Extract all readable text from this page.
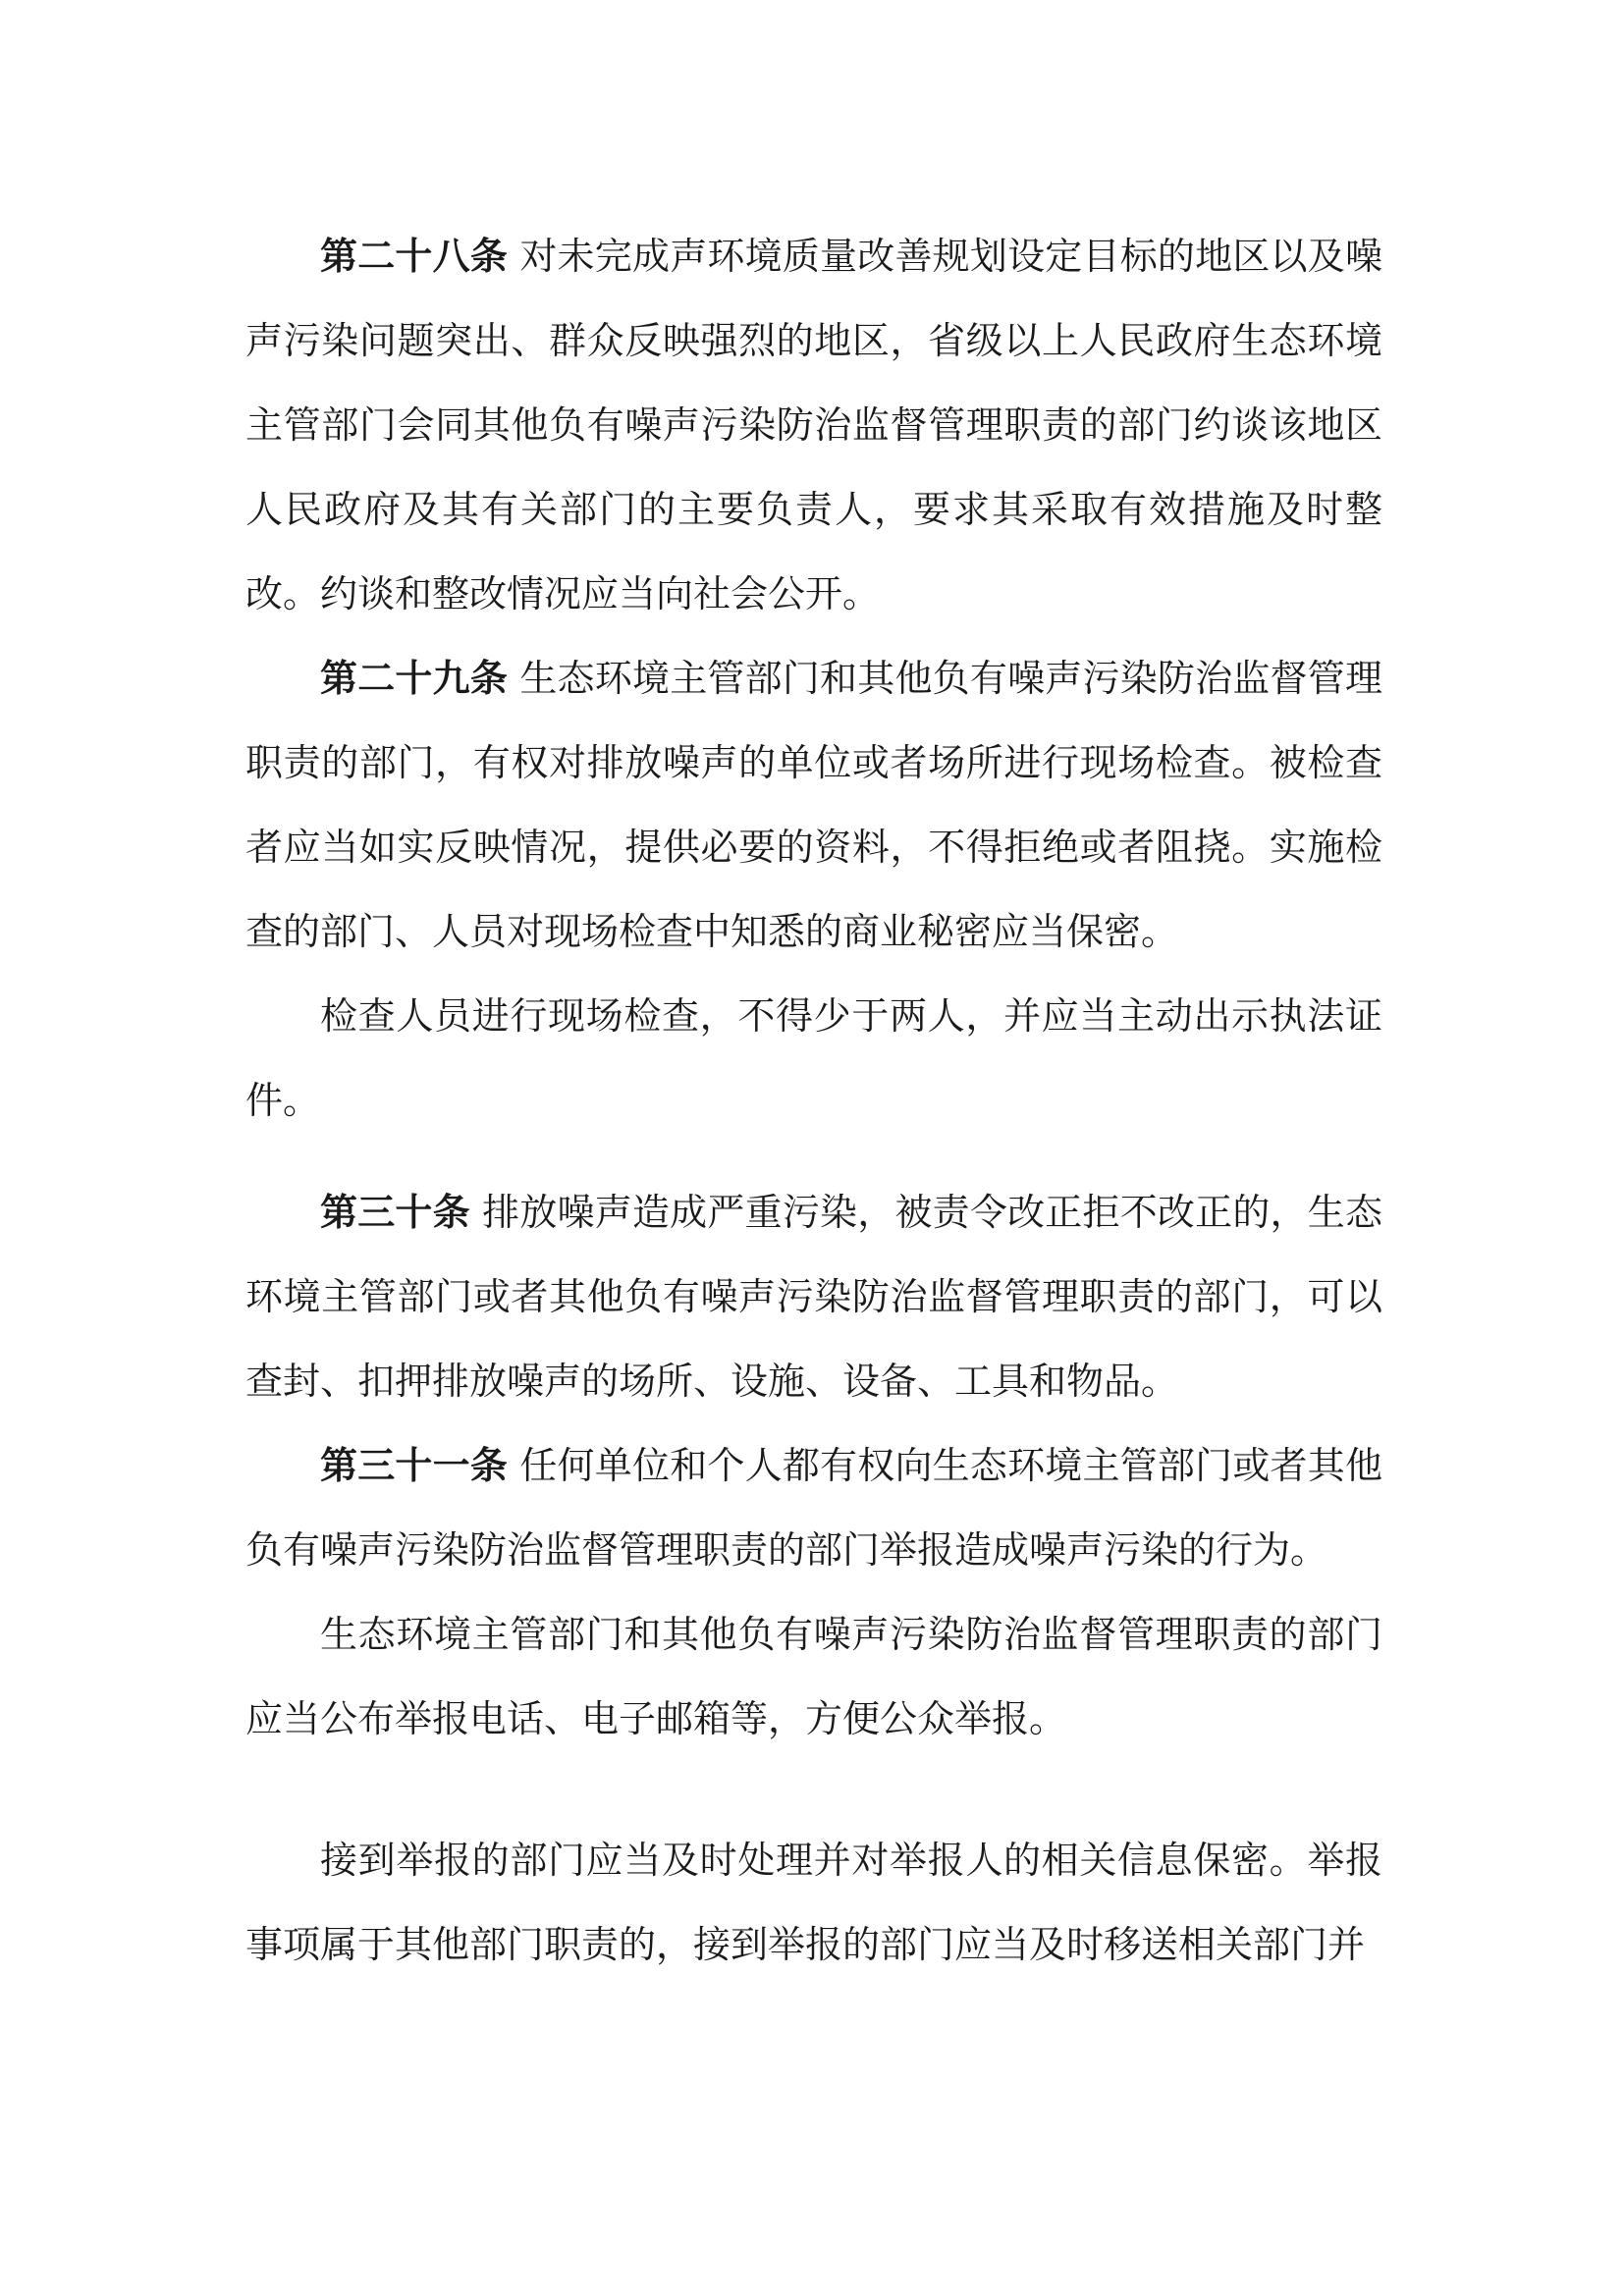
第二十八条 对未完成声环境质量改善规划设定目标的地区以及噪声污染问题突出、群众反映强烈的地区，省级以上人民政府生态环境主管部门会同其他负有噪声污染防治监督管理职责的部门约谈该地区人民政府及其有关部门的主要负责人，要求其采取有效措施及时整改。约谈和整改情况应当向社会公开。

第二十九条 生态环境主管部门和其他负有噪声污染防治监督管理职责的部门，有权对排放噪声的单位或者场所进行现场检查。被检查者应当如实反映情况，提供必要的资料，不得拒绝或者阻挠。实施检查的部门、人员对现场检查中知悉的商业秘密应当保密。

检查人员进行现场检查，不得少于两人，并应当主动出示执法证件。

第三十条 排放噪声造成严重污染，被责令改正拒不改正的，生态环境主管部门或者其他负有噪声污染防治监督管理职责的部门，可以查封、扣押排放噪声的场所、设施、设备、工具和物品。

第三十一条 任何单位和个人都有权向生态环境主管部门或者其他负有噪声污染防治监督管理职责的部门举报造成噪声污染的行为。

生态环境主管部门和其他负有噪声污染防治监督管理职责的部门应当公布举报电话、电子邮箱等，方便公众举报。

接到举报的部门应当及时处理并对举报人的相关信息保密。举报事项属于其他部门职责的，接到举报的部门应当及时移送相关部门并
